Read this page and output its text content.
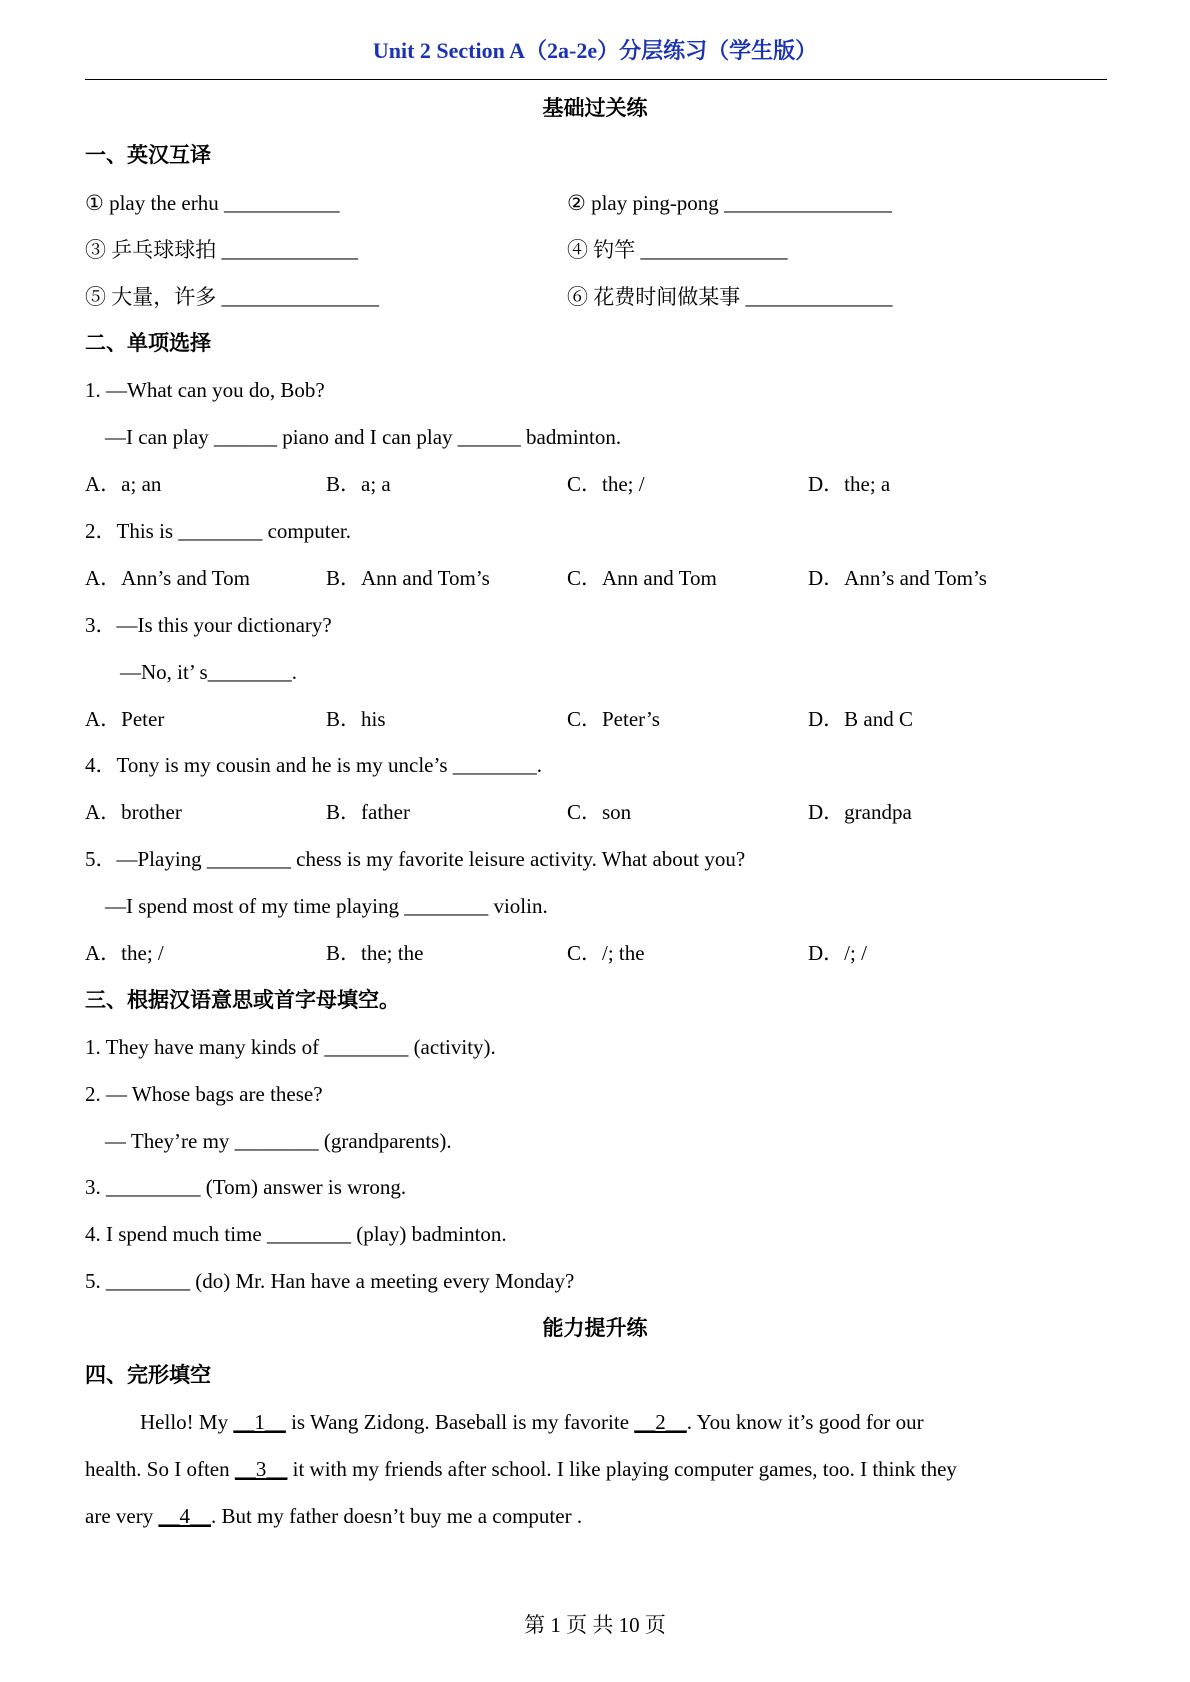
Unit 2 Section A（2a-2e）分层练习（学生版）
基础过关练
一、英汉互译
① play the erhu ___________	② play ping-pong ________________
③ 乒乓球球拍 _____________	④ 钓竿 ______________
⑤ 大量，许多 _______________	⑥ 花费时间做某事 ______________
二、单项选择
1. —What can you do, Bob?
—I can play ______ piano and I can play ______ badminton.
A．a; an	B．a; a	C．the; /	D．the; a
2．This is ________ computer.
A．Ann’s and Tom	B．Ann and Tom’s	C．Ann and Tom	D．Ann’s and Tom’s
3．—Is this your dictionary?
—No, it’ s________.
A．Peter	B．his	C．Peter’s	D．B and C
4．Tony is my cousin and he is my uncle’s ________.
A．brother	B．father	C．son	D．grandpa
5．—Playing ________ chess is my favorite leisure activity. What about you?
—I spend most of my time playing ________ violin.
A．the; /	B．the; the	C．/; the	D．/; /
三、根据汉语意思或首字母填空。
1. They have many kinds of ________ (activity).
2. — Whose bags are these?
— They’re my ________ (grandparents).
3. _________ (Tom) answer is wrong.
4. I spend much time ________ (play) badminton.
5. ________ (do) Mr. Han have a meeting every Monday?
能力提升练
四、完形填空
Hello! My __1__ is Wang Zidong. Baseball is my favorite __2__. You know it’s good for our
health. So I often __3__ it with my friends after school. I like playing computer games, too. I think they
are very __4__. But my father doesn’t buy me a computer .
第 1 页 共 10 页
